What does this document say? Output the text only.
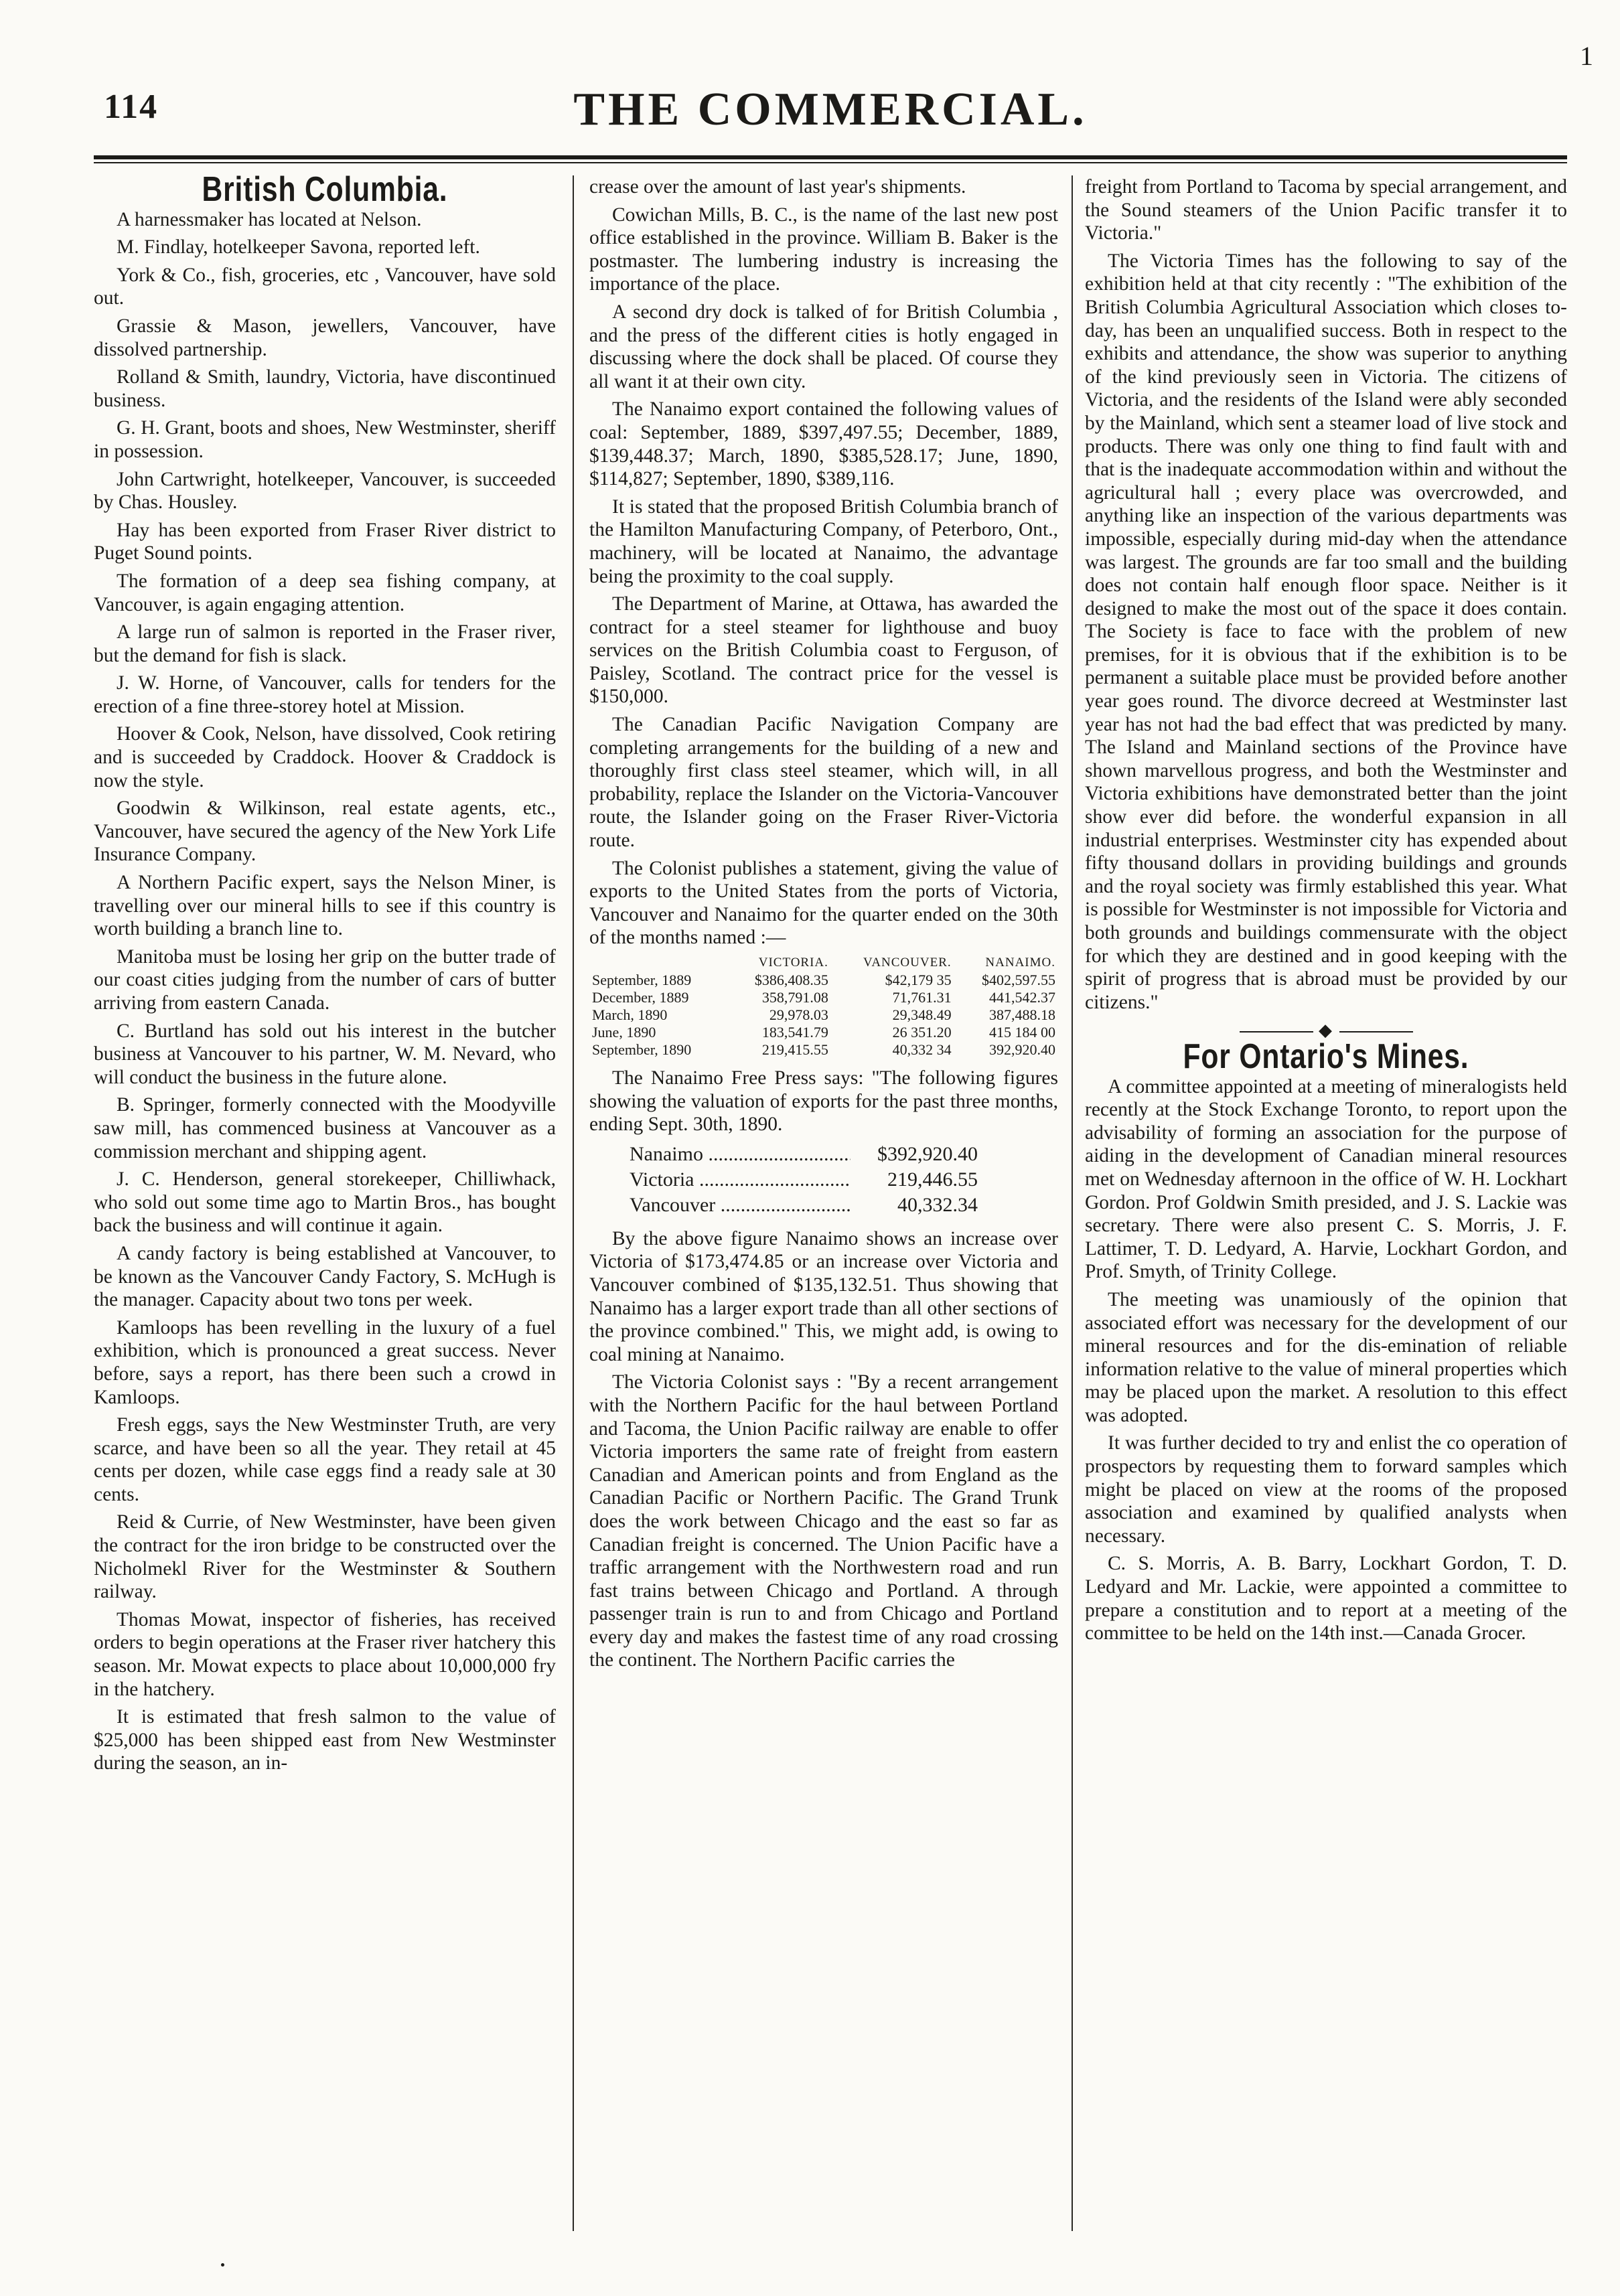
1
114	THE COMMERCIAL.
British Columbia.

A harnessmaker has located at Nelson.

M. Findlay, hotelkeeper Savona, reported left.

York & Co., fish, groceries, etc , Vancouver, have sold out.

Grassie & Mason, jewellers, Vancouver, have dissolved partnership.

Rolland & Smith, laundry, Victoria, have discontinued business.

G. H. Grant, boots and shoes, New Westminster, sheriff in possession.

John Cartwright, hotelkeeper, Vancouver, is succeeded by Chas. Housley.

Hay has been exported from Fraser River district to Puget Sound points.

The formation of a deep sea fishing company, at Vancouver, is again engaging attention.

A large run of salmon is reported in the Fraser river, but the demand for fish is slack.

J. W. Horne, of Vancouver, calls for tenders for the erection of a fine three-storey hotel at Mission.

Hoover & Cook, Nelson, have dissolved, Cook retiring and is succeeded by Craddock. Hoover & Craddock is now the style.

Goodwin & Wilkinson, real estate agents, etc., Vancouver, have secured the agency of the New York Life Insurance Company.

A Northern Pacific expert, says the Nelson Miner, is travelling over our mineral hills to see if this country is worth building a branch line to.

Manitoba must be losing her grip on the butter trade of our coast cities judging from the number of cars of butter arriving from eastern Canada.

C. Burtland has sold out his interest in the butcher business at Vancouver to his partner, W. M. Nevard, who will conduct the business in the future alone.

B. Springer, formerly connected with the Moodyville saw mill, has commenced business at Vancouver as a commission merchant and shipping agent.

J. C. Henderson, general storekeeper, Chilliwhack, who sold out some time ago to Martin Bros., has bought back the business and will continue it again.

A candy factory is being established at Vancouver, to be known as the Vancouver Candy Factory, S. McHugh is the manager. Capacity about two tons per week.

Kamloops has been revelling in the luxury of a fuel exhibition, which is pronounced a great success. Never before, says a report, has there been such a crowd in Kamloops.

Fresh eggs, says the New Westminster Truth, are very scarce, and have been so all the year. They retail at 45 cents per dozen, while case eggs find a ready sale at 30 cents.

Reid & Currie, of New Westminster, have been given the contract for the iron bridge to be constructed over the Nicholmekl River for the Westminster & Southern railway.

Thomas Mowat, inspector of fisheries, has received orders to begin operations at the Fraser river hatchery this season. Mr. Mowat expects to place about 10,000,000 fry in the hatchery.

It is estimated that fresh salmon to the value of $25,000 has been shipped east from New Westminster during the season, an in-

crease over the amount of last year's shipments.

Cowichan Mills, B. C., is the name of the last new post office established in the province. William B. Baker is the postmaster. The lumbering industry is increasing the importance of the place.

A second dry dock is talked of for British Columbia , and the press of the different cities is hotly engaged in discussing where the dock shall be placed. Of course they all want it at their own city.

The Nanaimo export contained the following values of coal: September, 1889, $397,497.55; December, 1889, $139,448.37; March, 1890, $385,528.17; June, 1890, $114,827; September, 1890, $389,116.

It is stated that the proposed British Columbia branch of the Hamilton Manufacturing Company, of Peterboro, Ont., machinery, will be located at Nanaimo, the advantage being the proximity to the coal supply.

The Department of Marine, at Ottawa, has awarded the contract for a steel steamer for lighthouse and buoy services on the British Columbia coast to Ferguson, of Paisley, Scotland. The contract price for the vessel is $150,000.

The Canadian Pacific Navigation Company are completing arrangements for the building of a new and thoroughly first class steel steamer, which will, in all probability, replace the Islander on the Victoria-Vancouver route, the Islander going on the Fraser River-Victoria route.

The Colonist publishes a statement, giving the value of exports to the United States from the ports of Victoria, Vancouver and Nanaimo for the quarter ended on the 30th of the months named :—

	VICTORIA.	VANCOUVER.	NANAIMO.
September, 1889	$386,408.35	$42,179 35	$402,597.55
December, 1889	358,791.08	71,761.31	441,542.37
March, 1890	29,978.03	29,348.49	387,488.18
June, 1890	183,541.79	26 351.20	415 184 00
September, 1890	219,415.55	40,332 34	392,920.40

The Nanaimo Free Press says: "The following figures showing the valuation of exports for the past three months, ending Sept. 30th, 1890.

Nanaimo .....	$392,920.40
Victoria .....	219,446.55
Vancouver .....	40,332.34

By the above figure Nanaimo shows an increase over Victoria of $173,474.85 or an increase over Victoria and Vancouver combined of $135,132.51. Thus showing that Nanaimo has a larger export trade than all other sections of the province combined." This, we might add, is owing to coal mining at Nanaimo.

The Victoria Colonist says : "By a recent arrangement with the Northern Pacific for the haul between Portland and Tacoma, the Union Pacific railway are enable to offer Victoria importers the same rate of freight from eastern Canadian and American points and from England as the Canadian Pacific or Northern Pacific. The Grand Trunk does the work between Chicago and the east so far as Canadian freight is concerned. The Union Pacific have a traffic arrangement with the Northwestern road and run fast trains between Chicago and Portland. A through passenger train is run to and from Chicago and Portland every day and makes the fastest time of any road crossing the continent. The Northern Pacific carries the

freight from Portland to Tacoma by special arrangement, and the Sound steamers of the Union Pacific transfer it to Victoria."

The Victoria Times has the following to say of the exhibition held at that city recently : "The exhibition of the British Columbia Agricultural Association which closes to-day, has been an unqualified success. Both in respect to the exhibits and attendance, the show was superior to anything of the kind previously seen in Victoria. The citizens of Victoria, and the residents of the Island were ably seconded by the Mainland, which sent a steamer load of live stock and products. There was only one thing to find fault with and that is the inadequate accommodation within and without the agricultural hall ; every place was overcrowded, and anything like an inspection of the various departments was impossible, especially during mid-day when the attendance was largest. The grounds are far too small and the building does not contain half enough floor space. Neither is it designed to make the most out of the space it does contain. The Society is face to face with the problem of new premises, for it is obvious that if the exhibition is to be permanent a suitable place must be provided before another year goes round. The divorce decreed at Westminster last year has not had the bad effect that was predicted by many. The Island and Mainland sections of the Province have shown marvellous progress, and both the Westminster and Victoria exhibitions have demonstrated better than the joint show ever did before. the wonderful expansion in all industrial enterprises. Westminster city has expended about fifty thousand dollars in providing buildings and grounds and the royal society was firmly established this year. What is possible for Westminster is not impossible for Victoria and both grounds and buildings commensurate with the object for which they are destined and in good keeping with the spirit of progress that is abroad must be provided by our citizens."

◆
For Ontario's Mines.

A committee appointed at a meeting of mineralogists held recently at the Stock Exchange Toronto, to report upon the advisability of forming an association for the purpose of aiding in the development of Canadian mineral resources met on Wednesday afternoon in the office of W. H. Lockhart Gordon. Prof Goldwin Smith presided, and J. S. Lackie was secretary. There were also present C. S. Morris, J. F. Lattimer, T. D. Ledyard, A. Harvie, Lockhart Gordon, and Prof. Smyth, of Trinity College.

The meeting was unamiously of the opinion that associated effort was necessary for the development of our mineral resources and for the dis-emination of reliable information relative to the value of mineral properties which may be placed upon the market. A resolution to this effect was adopted.

It was further decided to try and enlist the co operation of prospectors by requesting them to forward samples which might be placed on view at the rooms of the proposed association and examined by qualified analysts when necessary.

C. S. Morris, A. B. Barry, Lockhart Gordon, T. D. Ledyard and Mr. Lackie, were appointed a committee to prepare a constitution and to report at a meeting of the committee to be held on the 14th inst.—Canada Grocer.
